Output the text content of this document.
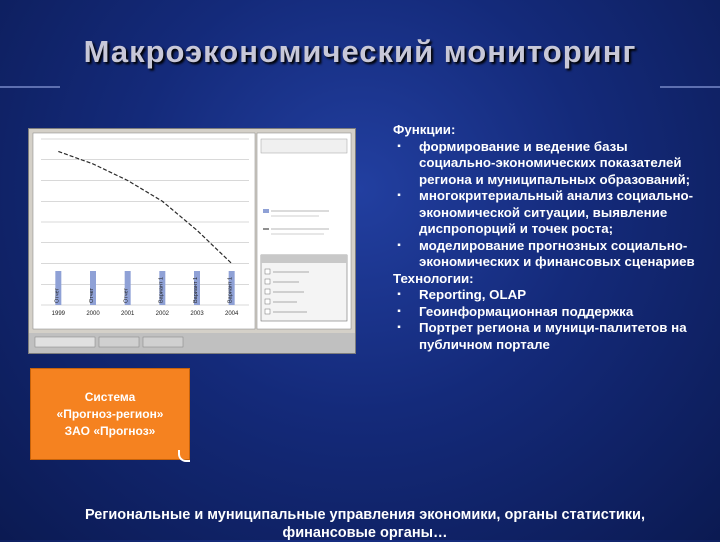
Макроэкономический мониторинг
Отчет	Отчет	Отчет	Вариант 1	Вариант 1	Вариант 1
1999	2000	2001	2002	2003	2004
Система
«Прогноз-регион»
ЗАО «Прогноз»
Функции:
▪	формирование и ведение базы социально-экономических показателей региона и муниципальных образований;
▪	многокритериальный анализ социально-экономической ситуации, выявление диспропорций и точек роста;
▪	моделирование прогнозных социально-экономических и финансовых сценариев
Технологии:
▪	Reporting, OLAP
▪	Геоинформационная поддержка
▪	Портрет региона и муници-палитетов на публичном портале
Региональные и муниципальные управления экономики, органы статистики,
финансовые органы…
